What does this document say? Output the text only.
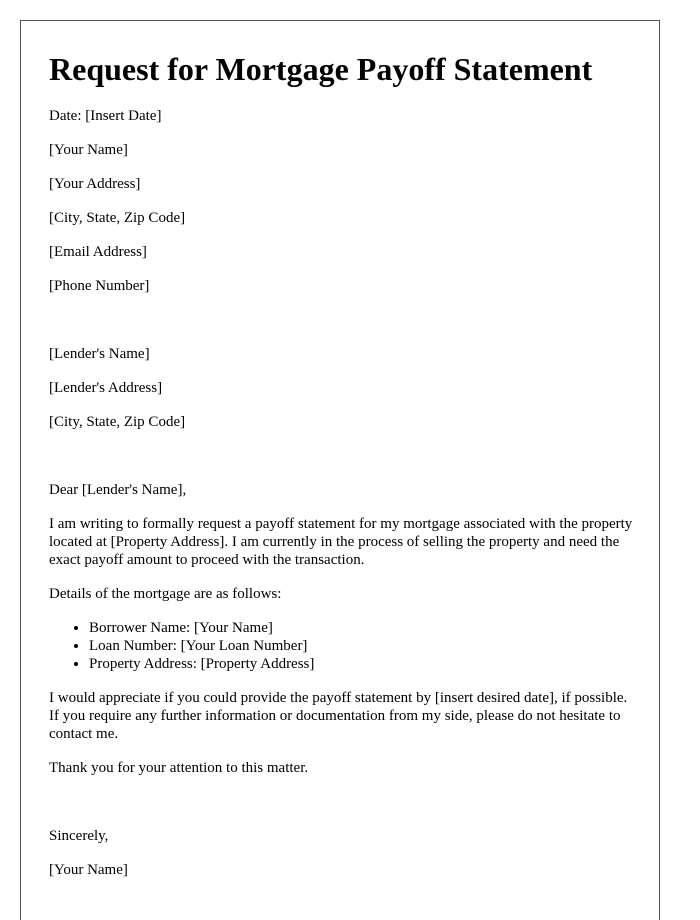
Request for Mortgage Payoff Statement
Date: [Insert Date]
[Your Name]
[Your Address]
[City, State, Zip Code]
[Email Address]
[Phone Number]
[Lender's Name]
[Lender's Address]
[City, State, Zip Code]
Dear [Lender's Name],
I am writing to formally request a payoff statement for my mortgage associated with the property located at [Property Address]. I am currently in the process of selling the property and need the exact payoff amount to proceed with the transaction.
Details of the mortgage are as follows:
• Borrower Name: [Your Name]
• Loan Number: [Your Loan Number]
• Property Address: [Property Address]
I would appreciate if you could provide the payoff statement by [insert desired date], if possible. If you require any further information or documentation from my side, please do not hesitate to contact me.
Thank you for your attention to this matter.
Sincerely,
[Your Name]
